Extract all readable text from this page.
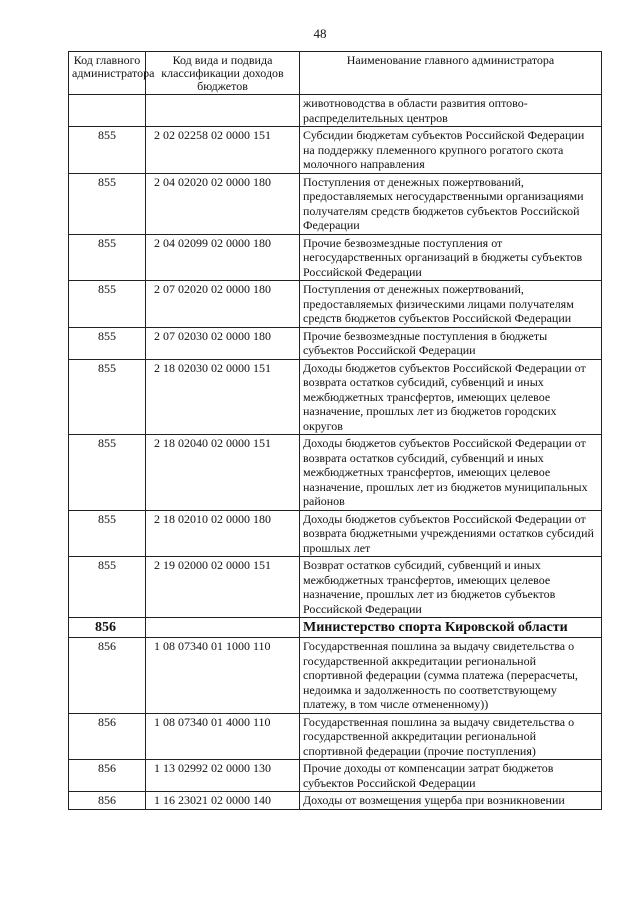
48
Код главного администратора	Код вида и подвида классификации доходов бюджетов	Наименование главного администратора
		животноводства в области развития оптово-распределительных центров
855	2 02 02258 02 0000 151	Субсидии бюджетам субъектов Российской Федерации на поддержку племенного крупного рогатого скота молочного направления
855	2 04 02020 02 0000 180	Поступления от денежных пожертвований, предоставляемых негосударственными организациями получателям средств бюджетов субъектов Российской Федерации
855	2 04 02099 02 0000 180	Прочие безвозмездные поступления от негосударственных организаций в бюджеты субъектов Российской Федерации
855	2 07 02020 02 0000 180	Поступления от денежных пожертвований, предоставляемых физическими лицами получателям средств бюджетов субъектов Российской Федерации
855	2 07 02030 02 0000 180	Прочие безвозмездные поступления в бюджеты субъектов Российской Федерации
855	2 18 02030 02 0000 151	Доходы бюджетов субъектов Российской Федерации от возврата остатков субсидий, субвенций и иных межбюджетных трансфертов, имеющих целевое назначение, прошлых лет из бюджетов городских округов
855	2 18 02040 02 0000 151	Доходы бюджетов субъектов Российской Федерации от возврата остатков субсидий, субвенций и иных межбюджетных трансфертов, имеющих целевое назначение, прошлых лет из бюджетов муниципальных районов
855	2 18 02010 02 0000 180	Доходы бюджетов субъектов Российской Федерации от возврата бюджетными учреждениями остатков субсидий прошлых лет
855	2 19 02000 02 0000 151	Возврат остатков субсидий, субвенций и иных межбюджетных трансфертов, имеющих целевое назначение, прошлых лет из бюджетов субъектов Российской Федерации
856		Министерство спорта Кировской области
856	1 08 07340 01 1000 110	Государственная пошлина за выдачу свидетельства о государственной аккредитации региональной спортивной федерации (сумма платежа (перерасчеты, недоимка и задолженность по соответствующему платежу, в том числе отмененному))
856	1 08 07340 01 4000 110	Государственная пошлина за выдачу свидетельства о государственной аккредитации региональной спортивной федерации (прочие поступления)
856	1 13 02992 02 0000 130	Прочие доходы от компенсации затрат бюджетов субъектов Российской Федерации
856	1 16 23021 02 0000 140	Доходы от возмещения ущерба при возникновении
